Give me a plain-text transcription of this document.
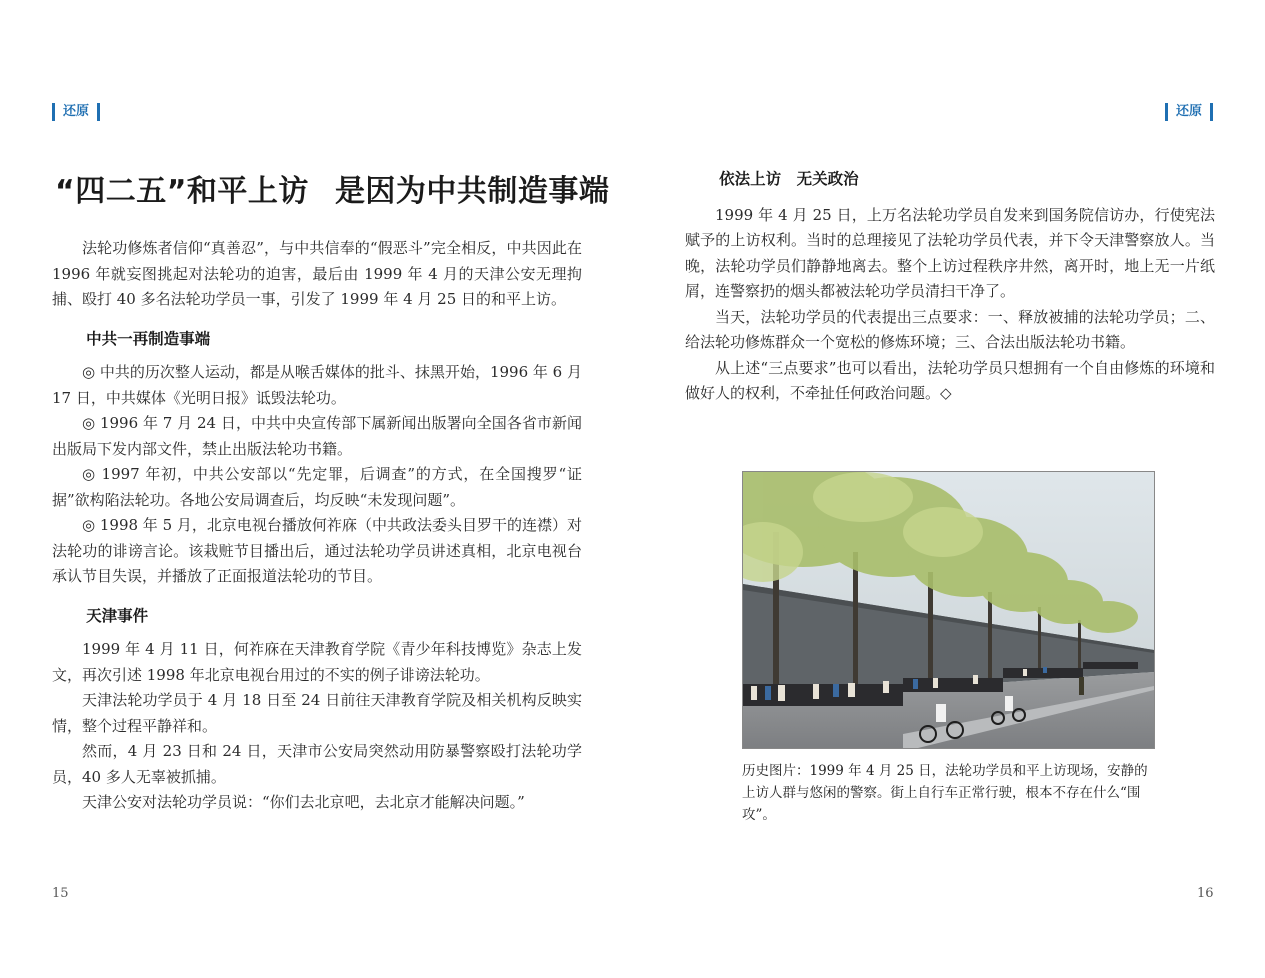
还原	还原
“四二五”和平上访 是因为中共制造事端

法轮功修炼者信仰“真善忍”，与中共信奉的“假恶斗”完全相反，中共因此在 1996 年就妄图挑起对法轮功的迫害，最后由 1999 年 4 月的天津公安无理拘捕、殴打 40 多名法轮功学员一事，引发了 1999 年 4 月 25 日的和平上访。

中共一再制造事端

◎ 中共的历次整人运动，都是从喉舌媒体的批斗、抹黑开始，1996 年 6 月 17 日，中共媒体《光明日报》诋毁法轮功。

◎ 1996 年 7 月 24 日，中共中央宣传部下属新闻出版署向全国各省市新闻出版局下发内部文件，禁止出版法轮功书籍。

◎ 1997 年初，中共公安部以“先定罪，后调查”的方式，在全国搜罗“证据”欲构陷法轮功。各地公安局调查后，均反映“未发现问题”。

◎ 1998 年 5 月，北京电视台播放何祚庥（中共政法委头目罗干的连襟）对法轮功的诽谤言论。该栽赃节目播出后，通过法轮功学员讲述真相，北京电视台承认节目失误，并播放了正面报道法轮功的节目。

天津事件

1999 年 4 月 11 日，何祚庥在天津教育学院《青少年科技博览》杂志上发文，再次引述 1998 年北京电视台用过的不实的例子诽谤法轮功。

天津法轮功学员于 4 月 18 日至 24 日前往天津教育学院及相关机构反映实情，整个过程平静祥和。

然而，4 月 23 日和 24 日，天津市公安局突然动用防暴警察殴打法轮功学员，40 多人无辜被抓捕。

天津公安对法轮功学员说：“你们去北京吧，去北京才能解决问题。”

依法上访　无关政治

1999 年 4 月 25 日，上万名法轮功学员自发来到国务院信访办，行使宪法赋予的上访权利。当时的总理接见了法轮功学员代表，并下令天津警察放人。当晚，法轮功学员们静静地离去。整个上访过程秩序井然，离开时，地上无一片纸屑，连警察扔的烟头都被法轮功学员清扫干净了。

当天，法轮功学员的代表提出三点要求：一、释放被捕的法轮功学员；二、给法轮功修炼群众一个宽松的修炼环境；三、合法出版法轮功书籍。

从上述“三点要求”也可以看出，法轮功学员只想拥有一个自由修炼的环境和做好人的权利，不牵扯任何政治问题。◇

历史图片：1999 年 4 月 25 日，法轮功学员和平上访现场，安静的上访人群与悠闲的警察。街上自行车正常行驶，根本不存在什么“围攻”。
15	16
